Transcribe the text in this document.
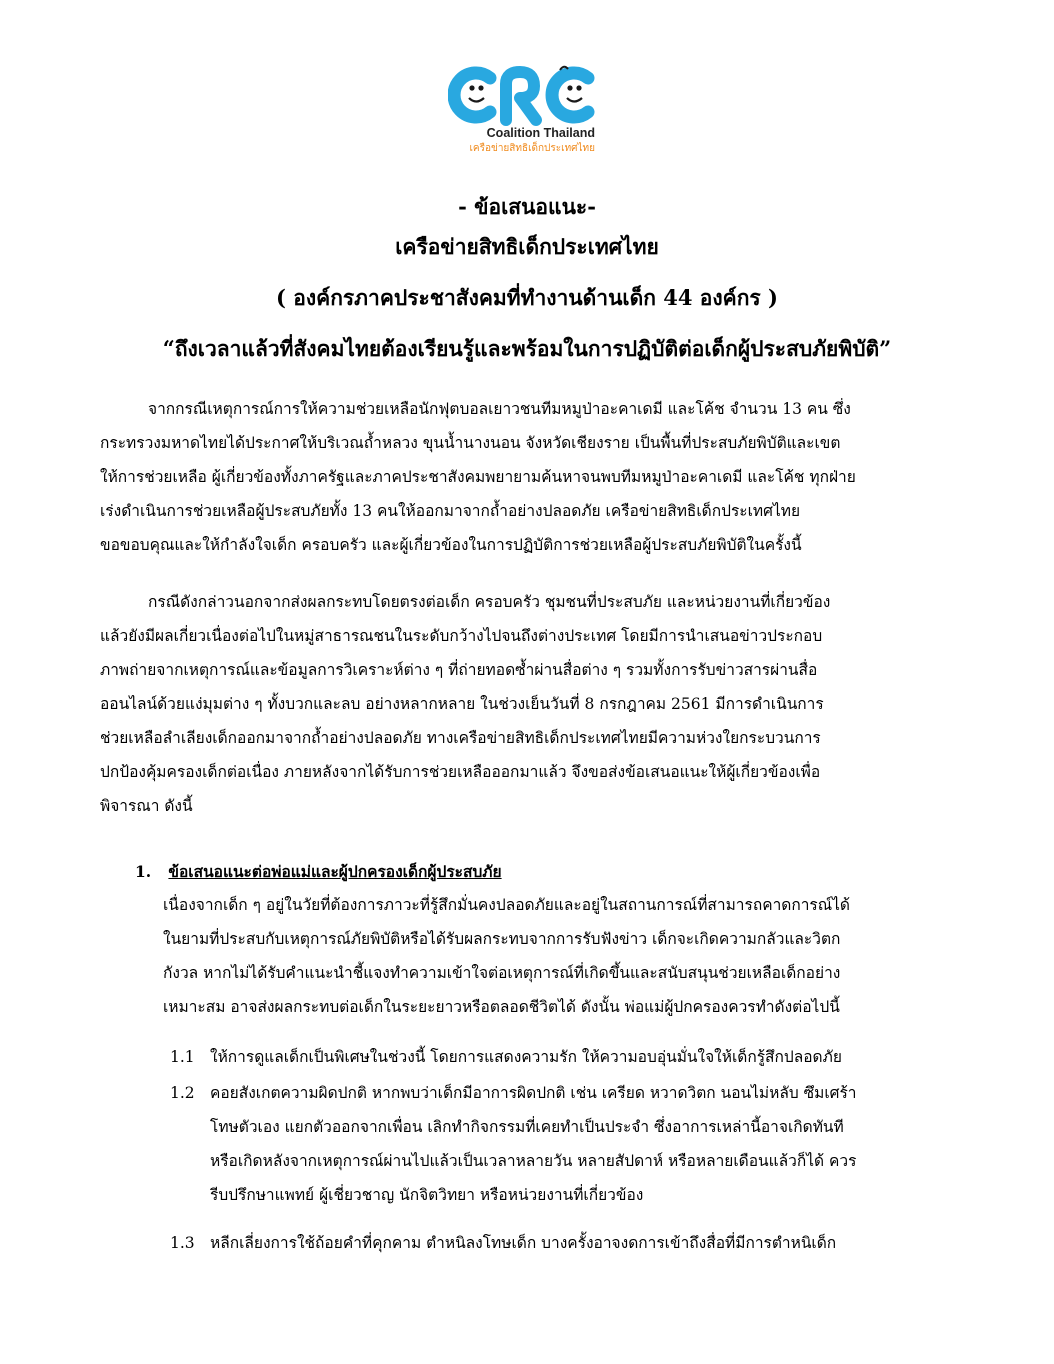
Coalition Thailand
เครือข่ายสิทธิเด็กประเทศไทย
- ข้อเสนอแนะ-
เครือข่ายสิทธิเด็กประเทศไทย
( องค์กรภาคประชาสังคมที่ทำงานด้านเด็ก 44 องค์กร )
“ถึงเวลาแล้วที่สังคมไทยต้องเรียนรู้และพร้อมในการปฏิบัติต่อเด็กผู้ประสบภัยพิบัติ”
จากกรณีเหตุการณ์การให้ความช่วยเหลือนักฟุตบอลเยาวชนทีมหมูป่าอะคาเดมี และโค้ช จำนวน 13 คน ซึ่ง
กระทรวงมหาดไทยได้ประกาศให้บริเวณถ้ำหลวง ขุนน้ำนางนอน จังหวัดเชียงราย เป็นพื้นที่ประสบภัยพิบัติและเขต
ให้การช่วยเหลือ ผู้เกี่ยวข้องทั้งภาครัฐและภาคประชาสังคมพยายามค้นหาจนพบทีมหมูป่าอะคาเดมี และโค้ช ทุกฝ่าย
เร่งดำเนินการช่วยเหลือผู้ประสบภัยทั้ง 13 คนให้ออกมาจากถ้ำอย่างปลอดภัย เครือข่ายสิทธิเด็กประเทศไทย
ขอขอบคุณและให้กำลังใจเด็ก ครอบครัว และผู้เกี่ยวข้องในการปฏิบัติการช่วยเหลือผู้ประสบภัยพิบัติในครั้งนี้
กรณีดังกล่าวนอกจากส่งผลกระทบโดยตรงต่อเด็ก ครอบครัว ชุมชนที่ประสบภัย และหน่วยงานที่เกี่ยวข้อง
แล้วยังมีผลเกี่ยวเนื่องต่อไปในหมู่สาธารณชนในระดับกว้างไปจนถึงต่างประเทศ โดยมีการนำเสนอข่าวประกอบ
ภาพถ่ายจากเหตุการณ์และข้อมูลการวิเคราะห์ต่าง ๆ ที่ถ่ายทอดซ้ำผ่านสื่อต่าง ๆ รวมทั้งการรับข่าวสารผ่านสื่อ
ออนไลน์ด้วยแง่มุมต่าง ๆ ทั้งบวกและลบ อย่างหลากหลาย ในช่วงเย็นวันที่ 8 กรกฎาคม 2561 มีการดำเนินการ
ช่วยเหลือลำเลียงเด็กออกมาจากถ้ำอย่างปลอดภัย ทางเครือข่ายสิทธิเด็กประเทศไทยมีความห่วงใยกระบวนการ
ปกป้องคุ้มครองเด็กต่อเนื่อง ภายหลังจากได้รับการช่วยเหลือออกมาแล้ว จึงขอส่งข้อเสนอแนะให้ผู้เกี่ยวข้องเพื่อ
พิจารณา ดังนี้
1. ข้อเสนอแนะต่อพ่อแม่และผู้ปกครองเด็กผู้ประสบภัย
เนื่องจากเด็ก ๆ อยู่ในวัยที่ต้องการภาวะที่รู้สึกมั่นคงปลอดภัยและอยู่ในสถานการณ์ที่สามารถคาดการณ์ได้
ในยามที่ประสบกับเหตุการณ์ภัยพิบัติหรือได้รับผลกระทบจากการรับฟังข่าว เด็กจะเกิดความกลัวและวิตก
กังวล หากไม่ได้รับคำแนะนำชี้แจงทำความเข้าใจต่อเหตุการณ์ที่เกิดขึ้นและสนับสนุนช่วยเหลือเด็กอย่าง
เหมาะสม อาจส่งผลกระทบต่อเด็กในระยะยาวหรือตลอดชีวิตได้ ดังนั้น พ่อแม่ผู้ปกครองควรทำดังต่อไปนี้
1.1 ให้การดูแลเด็กเป็นพิเศษในช่วงนี้ โดยการแสดงความรัก ให้ความอบอุ่นมั่นใจให้เด็กรู้สึกปลอดภัย
1.2 คอยสังเกตความผิดปกติ หากพบว่าเด็กมีอาการผิดปกติ เช่น เครียด หวาดวิตก นอนไม่หลับ ซึมเศร้า
โทษตัวเอง แยกตัวออกจากเพื่อน เลิกทำกิจกรรมที่เคยทำเป็นประจำ ซึ่งอาการเหล่านี้อาจเกิดทันที
หรือเกิดหลังจากเหตุการณ์ผ่านไปแล้วเป็นเวลาหลายวัน หลายสัปดาห์ หรือหลายเดือนแล้วก็ได้ ควร
รีบปรึกษาแพทย์ ผู้เชี่ยวชาญ นักจิตวิทยา หรือหน่วยงานที่เกี่ยวข้อง
1.3 หลีกเลี่ยงการใช้ถ้อยคำที่คุกคาม ตำหนิลงโทษเด็ก บางครั้งอาจงดการเข้าถึงสื่อที่มีการตำหนิเด็ก
